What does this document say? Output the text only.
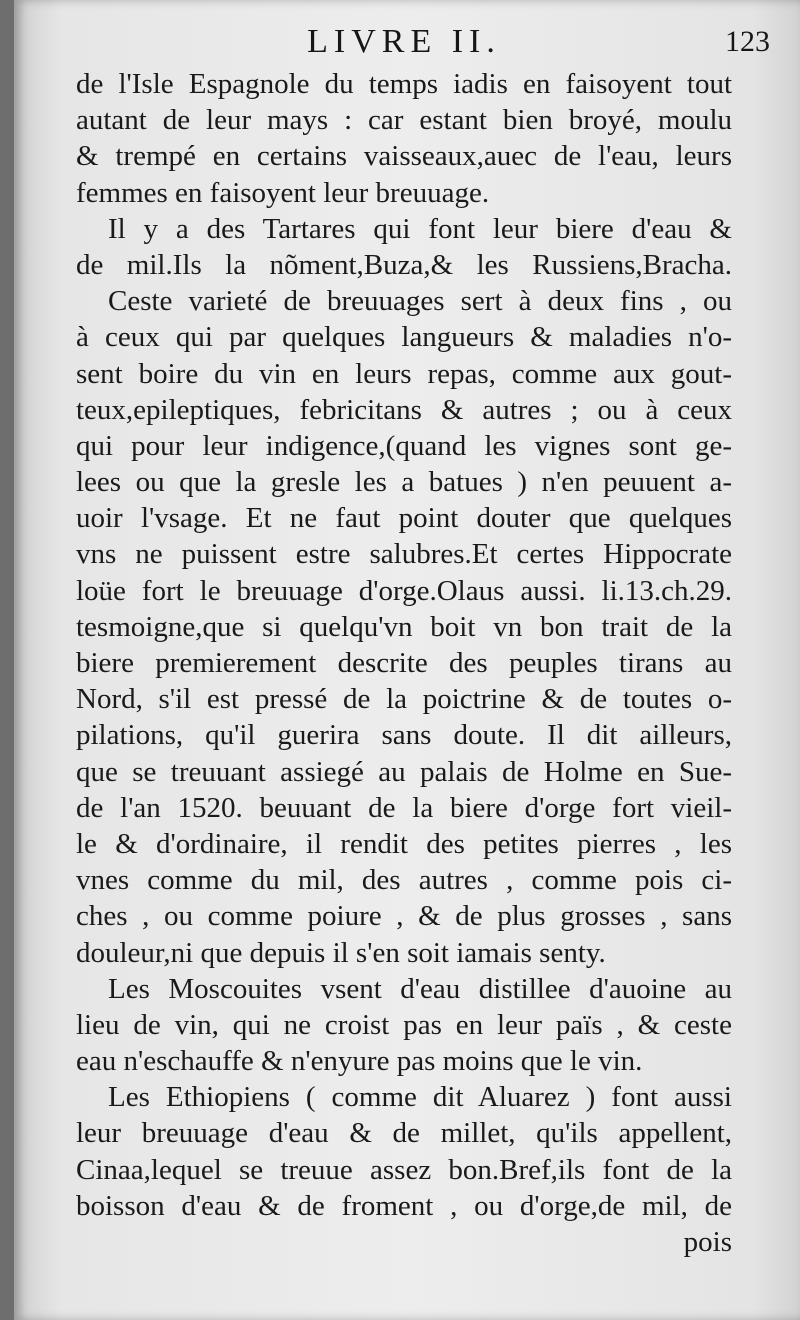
LIVRE II.	123
de l'Isle Espagnole du temps iadis en faisoyent tout
autant de leur mays : car estant bien broyé, moulu
& trempé en certains vaisseaux,auec de l'eau, leurs
femmes en faisoyent leur breuuage.
Il y a des Tartares qui font leur biere d'eau &
de mil.Ils la nõment,Buza,& les Russiens,Bracha.
Ceste varieté de breuuages sert à deux fins , ou
à ceux qui par quelques langueurs & maladies n'o-
sent boire du vin en leurs repas, comme aux gout-
teux,epileptiques, febricitans & autres ; ou à ceux
qui pour leur indigence,(quand les vignes sont ge-
lees ou que la gresle les a batues ) n'en peuuent a-
uoir l'vsage. Et ne faut point douter que quelques
vns ne puissent estre salubres.Et certes Hippocrate
loüe fort le breuuage d'orge.Olaus aussi. li.13.ch.29.
tesmoigne,que si quelqu'vn boit vn bon trait de la
biere premierement descrite des peuples tirans au
Nord, s'il est pressé de la poictrine & de toutes o-
pilations, qu'il guerira sans doute. Il dit ailleurs,
que se treuuant assiegé au palais de Holme en Sue-
de l'an 1520. beuuant de la biere d'orge fort vieil-
le & d'ordinaire, il rendit des petites pierres , les
vnes comme du mil, des autres , comme pois ci-
ches , ou comme poiure , & de plus grosses , sans
douleur,ni que depuis il s'en soit iamais senty.
Les Moscouites vsent d'eau distillee d'auoine au
lieu de vin, qui ne croist pas en leur païs , & ceste
eau n'eschauffe & n'enyure pas moins que le vin.
Les Ethiopiens ( comme dit Aluarez ) font aussi
leur breuuage d'eau & de millet, qu'ils appellent,
Cinaa,lequel se treuue assez bon.Bref,ils font de la
boisson d'eau & de froment , ou d'orge,de mil, de
pois
